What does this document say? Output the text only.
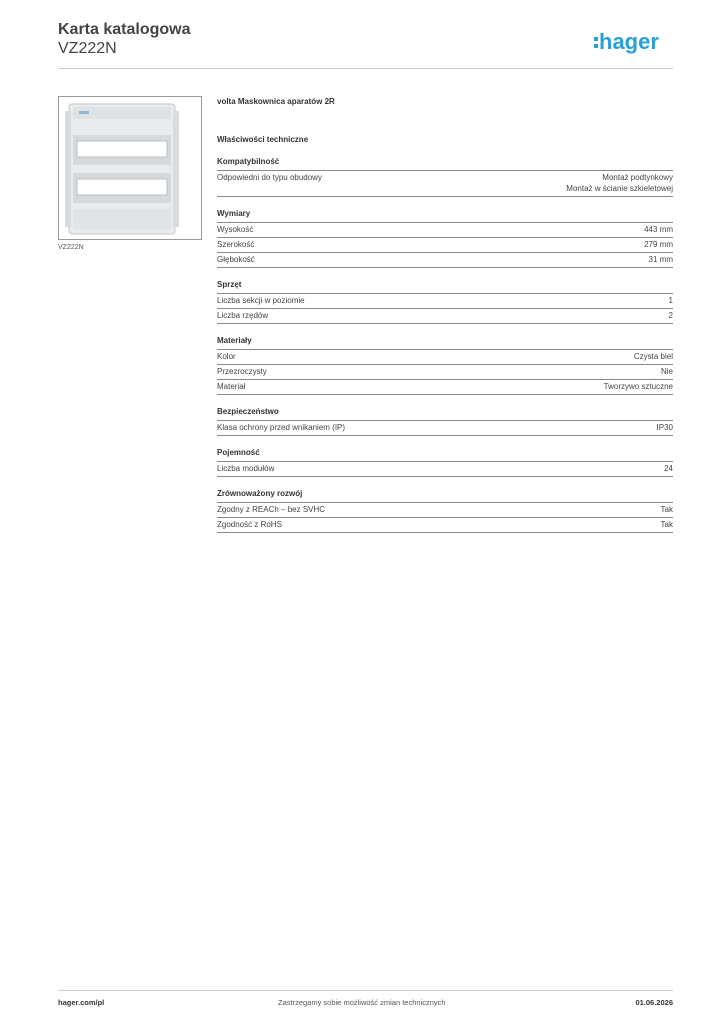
Karta katalogowa
VZ222N	hager
VZ222N
volta Maskownica aparatów 2R
Właściwości techniczne
Kompatybilność
Odpowiedni do typu obudowy	Montaż podtynkowy
Montaż w ścianie szkieletowej
Wymiary
Wysokość	443 mm
Szerokość	279 mm
Głębokość	31 mm
Sprzęt
Liczba sekcji w poziomie	1
Liczba rzędów	2
Materiały
Kolor	Czysta biel
Przezroczysty	Nie
Materiał	Tworzywo sztuczne
Bezpieczeństwo
Klasa ochrony przed wnikaniem (IP)	IP30
Pojemność
Liczba modułów	24
Zrównoważony rozwój
Zgodny z REACh – bez SVHC	Tak
Zgodność z RoHS	Tak
hager.com/pl	Zastrzegamy sobie możliwość zmian technicznych	01.06.2026
